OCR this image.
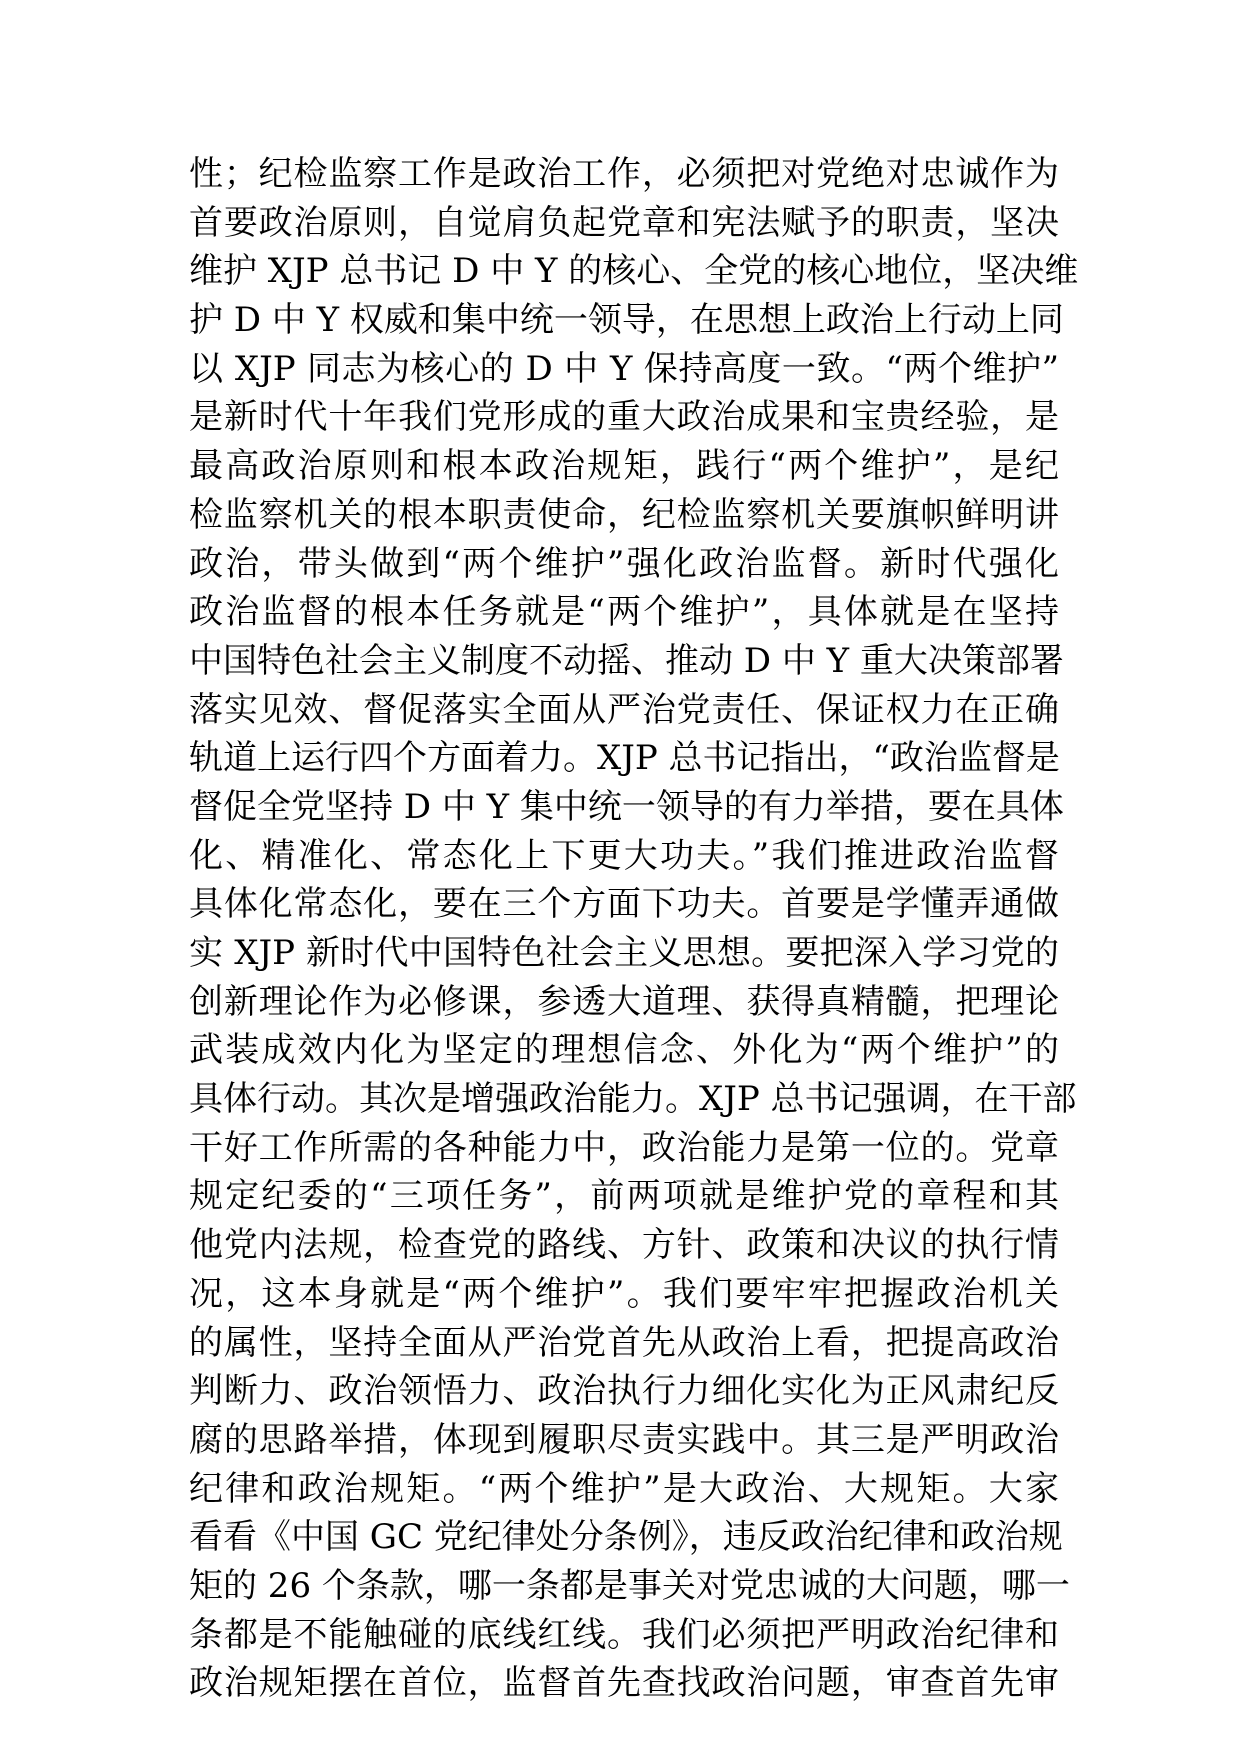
性；纪检监察工作是政治工作，必须把对党绝对忠诚作为
首要政治原则，自觉肩负起党章和宪法赋予的职责，坚决
维护 XJP 总书记 D 中 Y 的核心、全党的核心地位，坚决维
护 D 中 Y 权威和集中统一领导，在思想上政治上行动上同
以 XJP 同志为核心的 D 中 Y 保持高度一致。“两个维护”
是新时代十年我们党形成的重大政治成果和宝贵经验，是
最高政治原则和根本政治规矩，践行“两个维护”，是纪
检监察机关的根本职责使命，纪检监察机关要旗帜鲜明讲
政治，带头做到“两个维护”强化政治监督。新时代强化
政治监督的根本任务就是“两个维护”，具体就是在坚持
中国特色社会主义制度不动摇、推动 D 中 Y 重大决策部署
落实见效、督促落实全面从严治党责任、保证权力在正确
轨道上运行四个方面着力。XJP 总书记指出，“政治监督是
督促全党坚持 D 中 Y 集中统一领导的有力举措，要在具体
化、精准化、常态化上下更大功夫。”我们推进政治监督
具体化常态化，要在三个方面下功夫。首要是学懂弄通做
实 XJP 新时代中国特色社会主义思想。要把深入学习党的
创新理论作为必修课，参透大道理、获得真精髓，把理论
武装成效内化为坚定的理想信念、外化为“两个维护”的
具体行动。其次是增强政治能力。XJP 总书记强调，在干部
干好工作所需的各种能力中，政治能力是第一位的。党章
规定纪委的“三项任务”，前两项就是维护党的章程和其
他党内法规，检查党的路线、方针、政策和决议的执行情
况，这本身就是“两个维护”。我们要牢牢把握政治机关
的属性，坚持全面从严治党首先从政治上看，把提高政治
判断力、政治领悟力、政治执行力细化实化为正风肃纪反
腐的思路举措，体现到履职尽责实践中。其三是严明政治
纪律和政治规矩。“两个维护”是大政治、大规矩。大家
看看《中国 GC 党纪律处分条例》，违反政治纪律和政治规
矩的 26 个条款，哪一条都是事关对党忠诚的大问题，哪一
条都是不能触碰的底线红线。我们必须把严明政治纪律和
政治规矩摆在首位，监督首先查找政治问题，审查首先审
